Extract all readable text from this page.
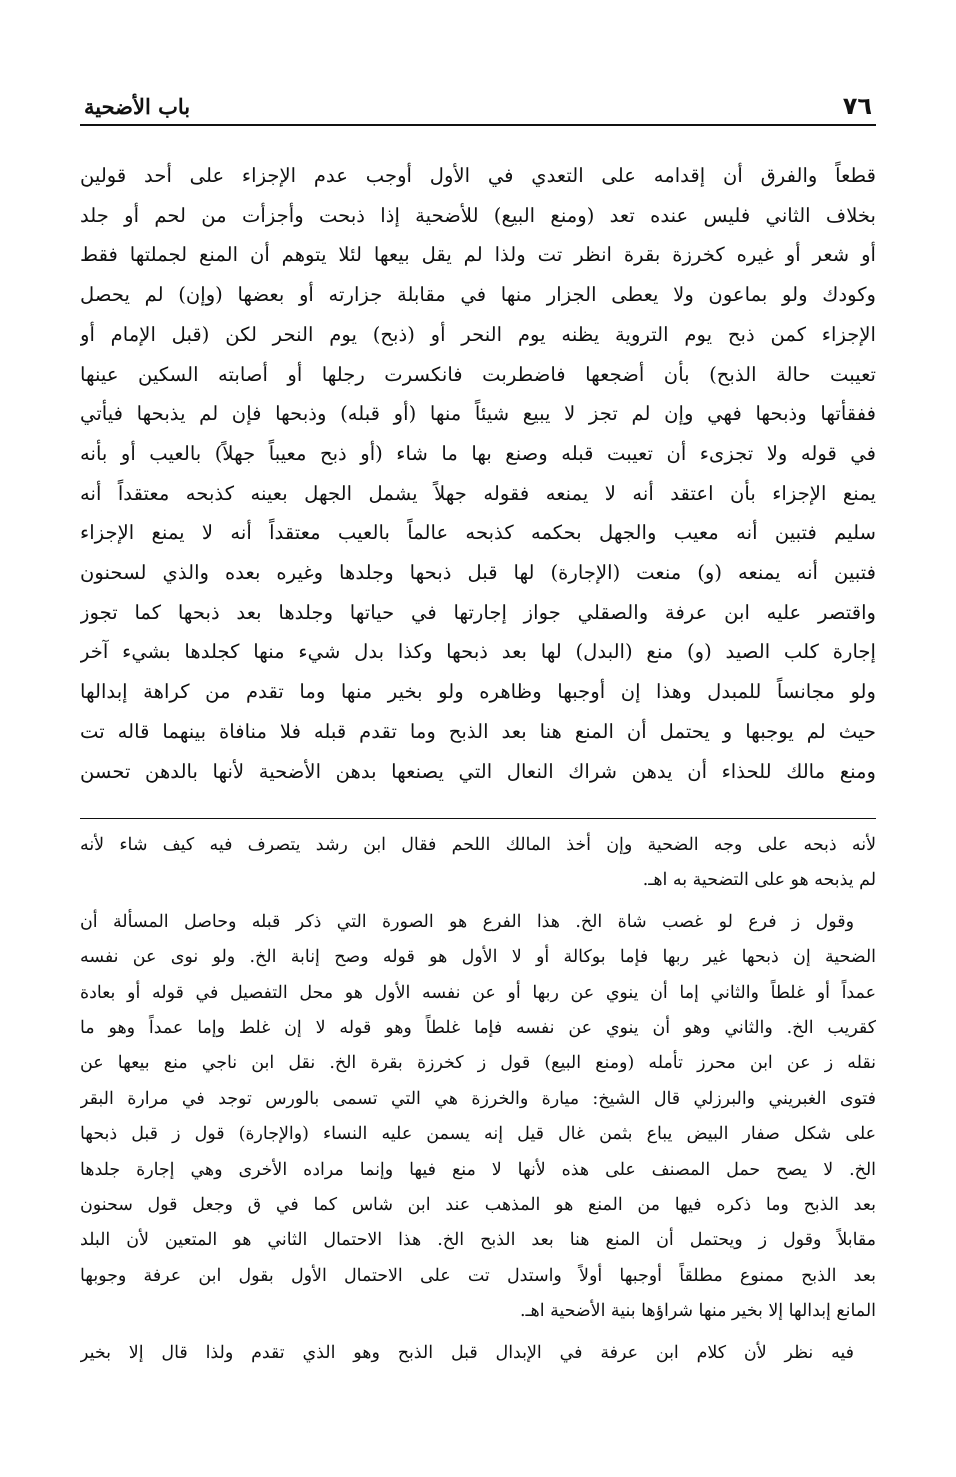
٧٦
باب الأضحية
قطعاً والفرق أن إقدامه على التعدي في الأول أوجب عدم الإجزاء على أحد قولين
بخلاف الثاني فليس عنده تعد (ومنع البيع) للأضحية إذا ذبحت وأجزأت من لحم أو جلد
أو شعر أو غيره كخرزة بقرة انظر تت ولذا لم يقل بيعها لئلا يتوهم أن المنع لجملتها فقط
وكودك ولو بماعون ولا يعطى الجزار منها في مقابلة جزارته أو بعضها (وإن) لم يحصل
الإجزاء كمن ذبح يوم التروية يظنه يوم النحر أو (ذبح) يوم النحر لكن (قبل الإمام أو
تعيبت حالة الذبح) بأن أضجعها فاضطربت فانكسرت رجلها أو أصابته السكين عينها
ففقأتها وذبحها فهي وإن لم تجز لا يبيع شيئاً منها (أو قبله) وذبحها فإن لم يذبحها فيأتي
في قوله ولا تجزىء أن تعيبت قبله وصنع بها ما شاء (أو ذبح معيباً جهلاً) بالعيب أو بأنه
يمنع الإجزاء بأن اعتقد أنه لا يمنعه فقوله جهلاً يشمل الجهل بعينه كذبحه معتقداً أنه
سليم فتبين أنه معيب والجهل بحكمه كذبحه عالماً بالعيب معتقداً أنه لا يمنع الإجزاء
فتبين أنه يمنعه (و) منعت (الإجارة) لها قبل ذبحها وجلدها وغيره بعده والذي لسحنون
واقتصر عليه ابن عرفة والصقلي جواز إجارتها في حياتها وجلدها بعد ذبحها كما تجوز
إجارة كلب الصيد (و) منع (البدل) لها بعد ذبحها وكذا بدل شيء منها كجلدها بشيء آخر
ولو مجانساً للمبدل وهذا إن أوجبها وظاهره ولو بخير منها وما تقدم من كراهة إبدالها
حيث لم يوجبها و يحتمل أن المنع هنا بعد الذبح وما تقدم قبله فلا منافاة بينهما قاله تت
ومنع مالك للحذاء أن يدهن شراك النعال التي يصنعها بدهن الأضحية لأنها بالدهن تحسن
لأنه ذبحه على وجه الضحية وإن أخذ المالك اللحم فقال ابن رشد يتصرف فيه كيف شاء لأنه
لم يذبحه هو على التضحية به اهـ.
وقول ز فرع لو غصب شاة الخ. هذا الفرع هو الصورة التي ذكر قبله وحاصل المسألة أن
الضحية إن ذبحها غير ربها فإما بوكالة أو لا الأول هو قوله وصح إنابة الخ. ولو نوى عن نفسه
عمداً أو غلطاً والثاني إما أن ينوي عن ربها أو عن نفسه الأول هو محل التفصيل في قوله أو بعادة
كقريب الخ. والثاني وهو أن ينوي عن نفسه فإما غلطاً وهو قوله لا إن غلط وإما عمداً وهو ما
نقله ز عن ابن محرز تأمله (ومنع البيع) قول ز كخرزة بقرة الخ. نقل ابن ناجي منع بيعها عن
فتوى الغبريني والبرزلي قال الشيخ: ميارة والخرزة هي التي تسمى بالورس توجد في مرارة البقر
على شكل صفار البيض يباع بثمن غال قيل إنه يسمن عليه النساء (والإجارة) قول ز قبل ذبحها
الخ. لا يصح حمل المصنف على هذه لأنها لا منع فيها وإنما مراده الأخرى وهي إجارة جلدها
بعد الذبح وما ذكره فيها من المنع هو المذهب عند ابن شاس كما في ق وجعل قول سحنون
مقابلاً وقول ز ويحتمل أن المنع هنا بعد الذبح الخ. هذا الاحتمال الثاني هو المتعين لأن البلد
بعد الذبح ممنوع مطلقاً أوجبها أولاً واستدل تت على الاحتمال الأول بقول ابن عرفة وجوبها
المانع إبدالها إلا بخير منها شراؤها بنية الأضحية اهـ.
فيه نظر لأن كلام ابن عرفة في الإبدال قبل الذبح وهو الذي تقدم ولذا قال إلا بخير
